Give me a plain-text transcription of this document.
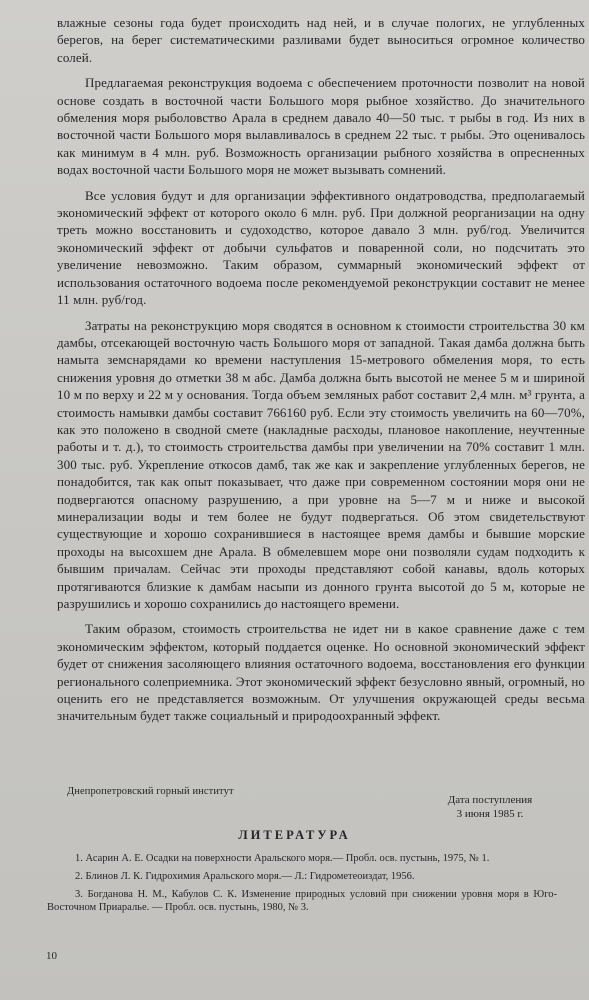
влажные сезоны года будет происходить над ней, и в случае пологих, не углубленных берегов, на берег систематическими разливами будет выноситься огромное количество солей.

Предлагаемая реконструкция водоема с обеспечением проточности позволит на новой основе создать в восточной части Большого моря рыбное хозяйство. До значительного обмеления моря рыболовство Арала в среднем давало 40—50 тыс. т рыбы в год. Из них в восточной части Большого моря вылавливалось в среднем 22 тыс. т рыбы. Это оценивалось как минимум в 4 млн. руб. Возможность организации рыбного хозяйства в опресненных водах восточной части Большого моря не может вызывать сомнений.

Все условия будут и для организации эффективного ондатроводства, предполагаемый экономический эффект от которого около 6 млн. руб. При должной реорганизации на одну треть можно восстановить и судоходство, которое давало 3 млн. руб/год. Увеличится экономический эффект от добычи сульфатов и поваренной соли, но подсчитать это увеличение невозможно. Таким образом, суммарный экономический эффект от использования остаточного водоема после рекомендуемой реконструкции составит не менее 11 млн. руб/год.

Затраты на реконструкцию моря сводятся в основном к стоимости строительства 30 км дамбы, отсекающей восточную часть Большого моря от западной. Такая дамба должна быть намыта земснарядами ко времени наступления 15-метрового обмеления моря, то есть снижения уровня до отметки 38 м абс. Дамба должна быть высотой не менее 5 м и шириной 10 м по верху и 22 м у основания. Тогда объем земляных работ составит 2,4 млн. м³ грунта, а стоимость намывки дамбы составит 766160 руб. Если эту стоимость увеличить на 60—70%, как это положено в сводной смете (накладные расходы, плановое накопление, неучтенные работы и т. д.), то стоимость строительства дамбы при увеличении на 70% составит 1 млн. 300 тыс. руб. Укрепление откосов дамб, так же как и закрепление углубленных берегов, не понадобится, так как опыт показывает, что даже при современном состоянии моря они не подвергаются опасному разрушению, а при уровне на 5—7 м и ниже и высокой минерализации воды и тем более не будут подвергаться. Об этом свидетельствуют существующие и хорошо сохранившиеся в настоящее время дамбы и бывшие морские проходы на высохшем дне Арала. В обмелевшем море они позволяли судам подходить к бывшим причалам. Сейчас эти проходы представляют собой канавы, вдоль которых протягиваются близкие к дамбам насыпи из донного грунта высотой до 5 м, которые не разрушились и хорошо сохранились до настоящего времени.

Таким образом, стоимость строительства не идет ни в какое сравнение даже с тем экономическим эффектом, который поддается оценке. Но основной экономический эффект будет от снижения засоляющего влияния остаточного водоема, восстановления его функции регионального солеприемника. Этот экономический эффект безусловно явный, огромный, но оценить его не представляется возможным. От улучшения окружающей среды весьма значительным будет также социальный и природоохранный эффект.

Днепропетровский горный институт
Дата поступления
3 июня 1985 г.
ЛИТЕРАТУРА

1. Асарин А. Е. Осадки на поверхности Аральского моря.— Пробл. осв. пустынь, 1975, № 1.

2. Блинов Л. К. Гидрохимия Аральского моря.— Л.: Гидрометеоиздат, 1956.

3. Богданова Н. М., Кабулов С. К. Изменение природных условий при снижении уровня моря в Юго-Восточном Приаралье. — Пробл. осв. пустынь, 1980, № 3.

10
